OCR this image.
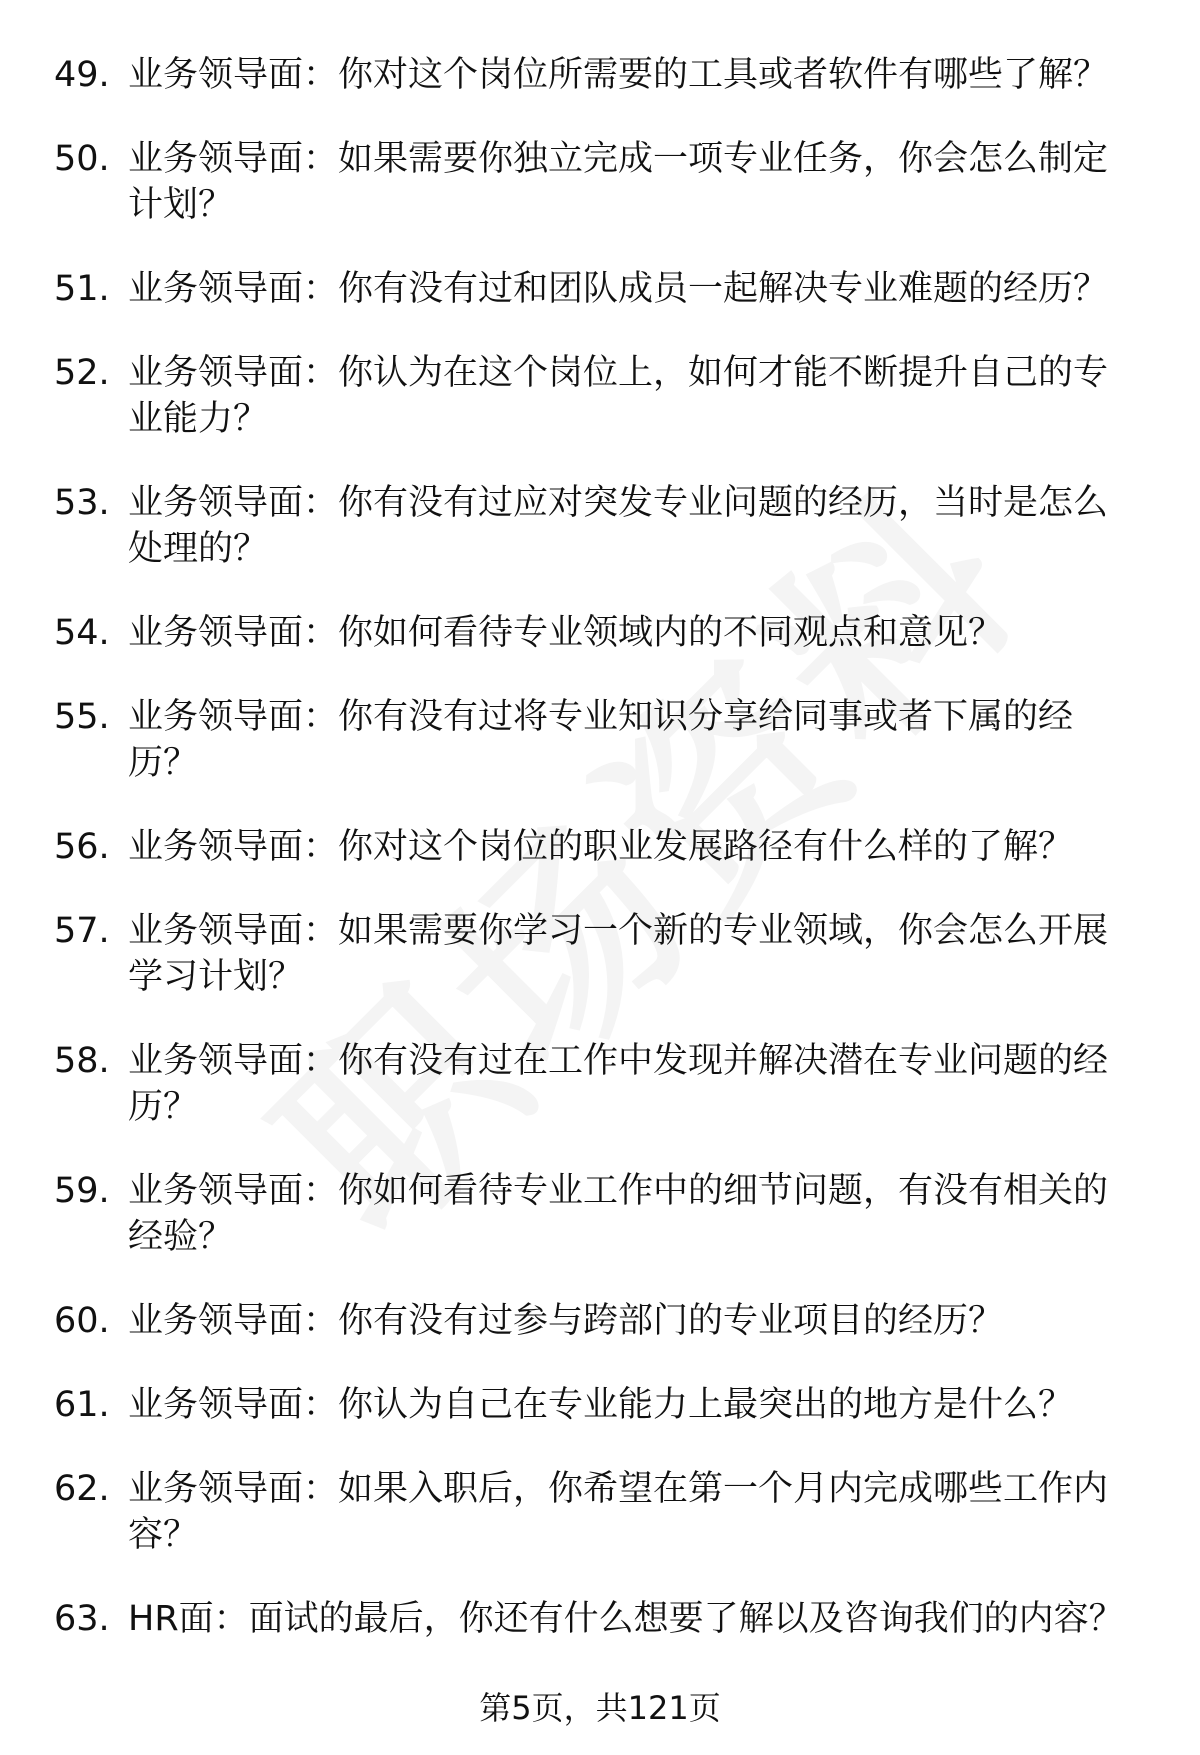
49. 业务领导面：你对这个岗位所需要的工具或者软件有哪些了解？
50. 业务领导面：如果需要你独立完成一项专业任务，你会怎么制定计划？
51. 业务领导面：你有没有过和团队成员一起解决专业难题的经历？
52. 业务领导面：你认为在这个岗位上，如何才能不断提升自己的专业能力？
53. 业务领导面：你有没有过应对突发专业问题的经历，当时是怎么处理的？
54. 业务领导面：你如何看待专业领域内的不同观点和意见？
55. 业务领导面：你有没有过将专业知识分享给同事或者下属的经历？
56. 业务领导面：你对这个岗位的职业发展路径有什么样的了解？
57. 业务领导面：如果需要你学习一个新的专业领域，你会怎么开展学习计划？
58. 业务领导面：你有没有过在工作中发现并解决潜在专业问题的经历？
59. 业务领导面：你如何看待专业工作中的细节问题，有没有相关的经验？
60. 业务领导面：你有没有过参与跨部门的专业项目的经历？
61. 业务领导面：你认为自己在专业能力上最突出的地方是什么？
62. 业务领导面：如果入职后，你希望在第一个月内完成哪些工作内容？
63. HR面：面试的最后，你还有什么想要了解以及咨询我们的内容？
第5页，共121页
